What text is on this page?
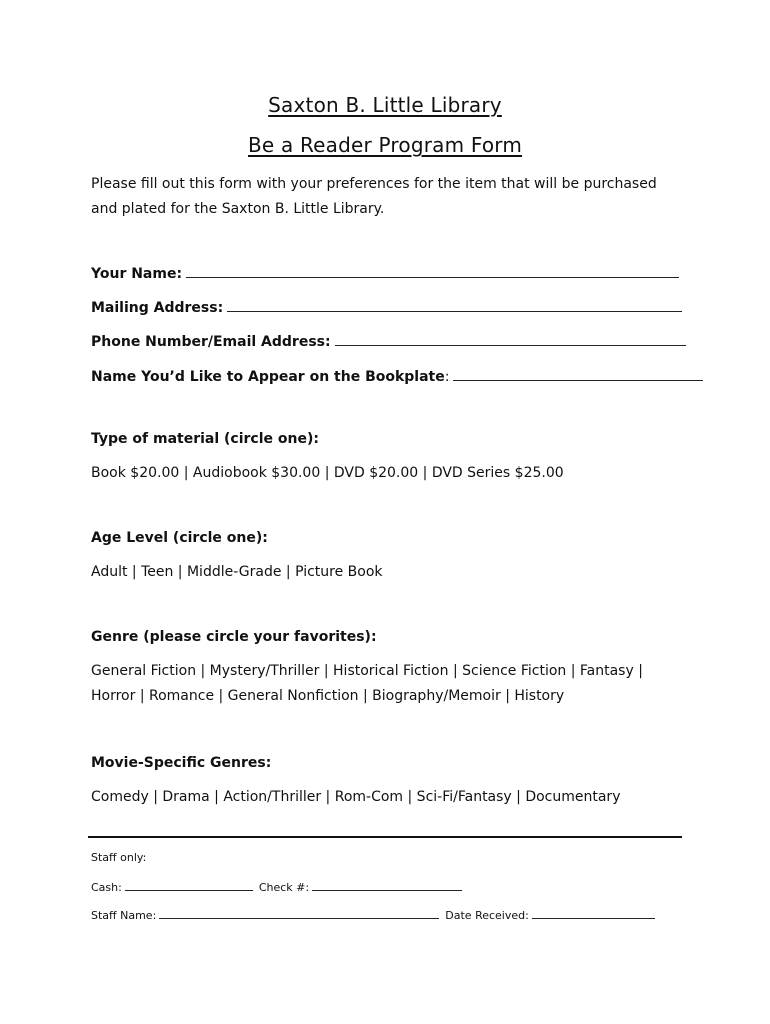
Saxton B. Little Library
Be a Reader Program Form
Please fill out this form with your preferences for the item that will be purchased
and plated for the Saxton B. Little Library.
Your Name:
Mailing Address:
Phone Number/Email Address:
Name You’d Like to Appear on the Bookplate:
Type of material (circle one):
Book $20.00 | Audiobook $30.00 | DVD $20.00 | DVD Series $25.00
Age Level (circle one):
Adult | Teen | Middle-Grade | Picture Book
Genre (please circle your favorites):
General Fiction | Mystery/Thriller | Historical Fiction | Science Fiction | Fantasy |
Horror | Romance | General Nonfiction | Biography/Memoir | History
Movie-Specific Genres:
Comedy | Drama | Action/Thriller | Rom-Com | Sci-Fi/Fantasy | Documentary
Staff only:
Cash:	Check #:
Staff Name:	Date Received:
